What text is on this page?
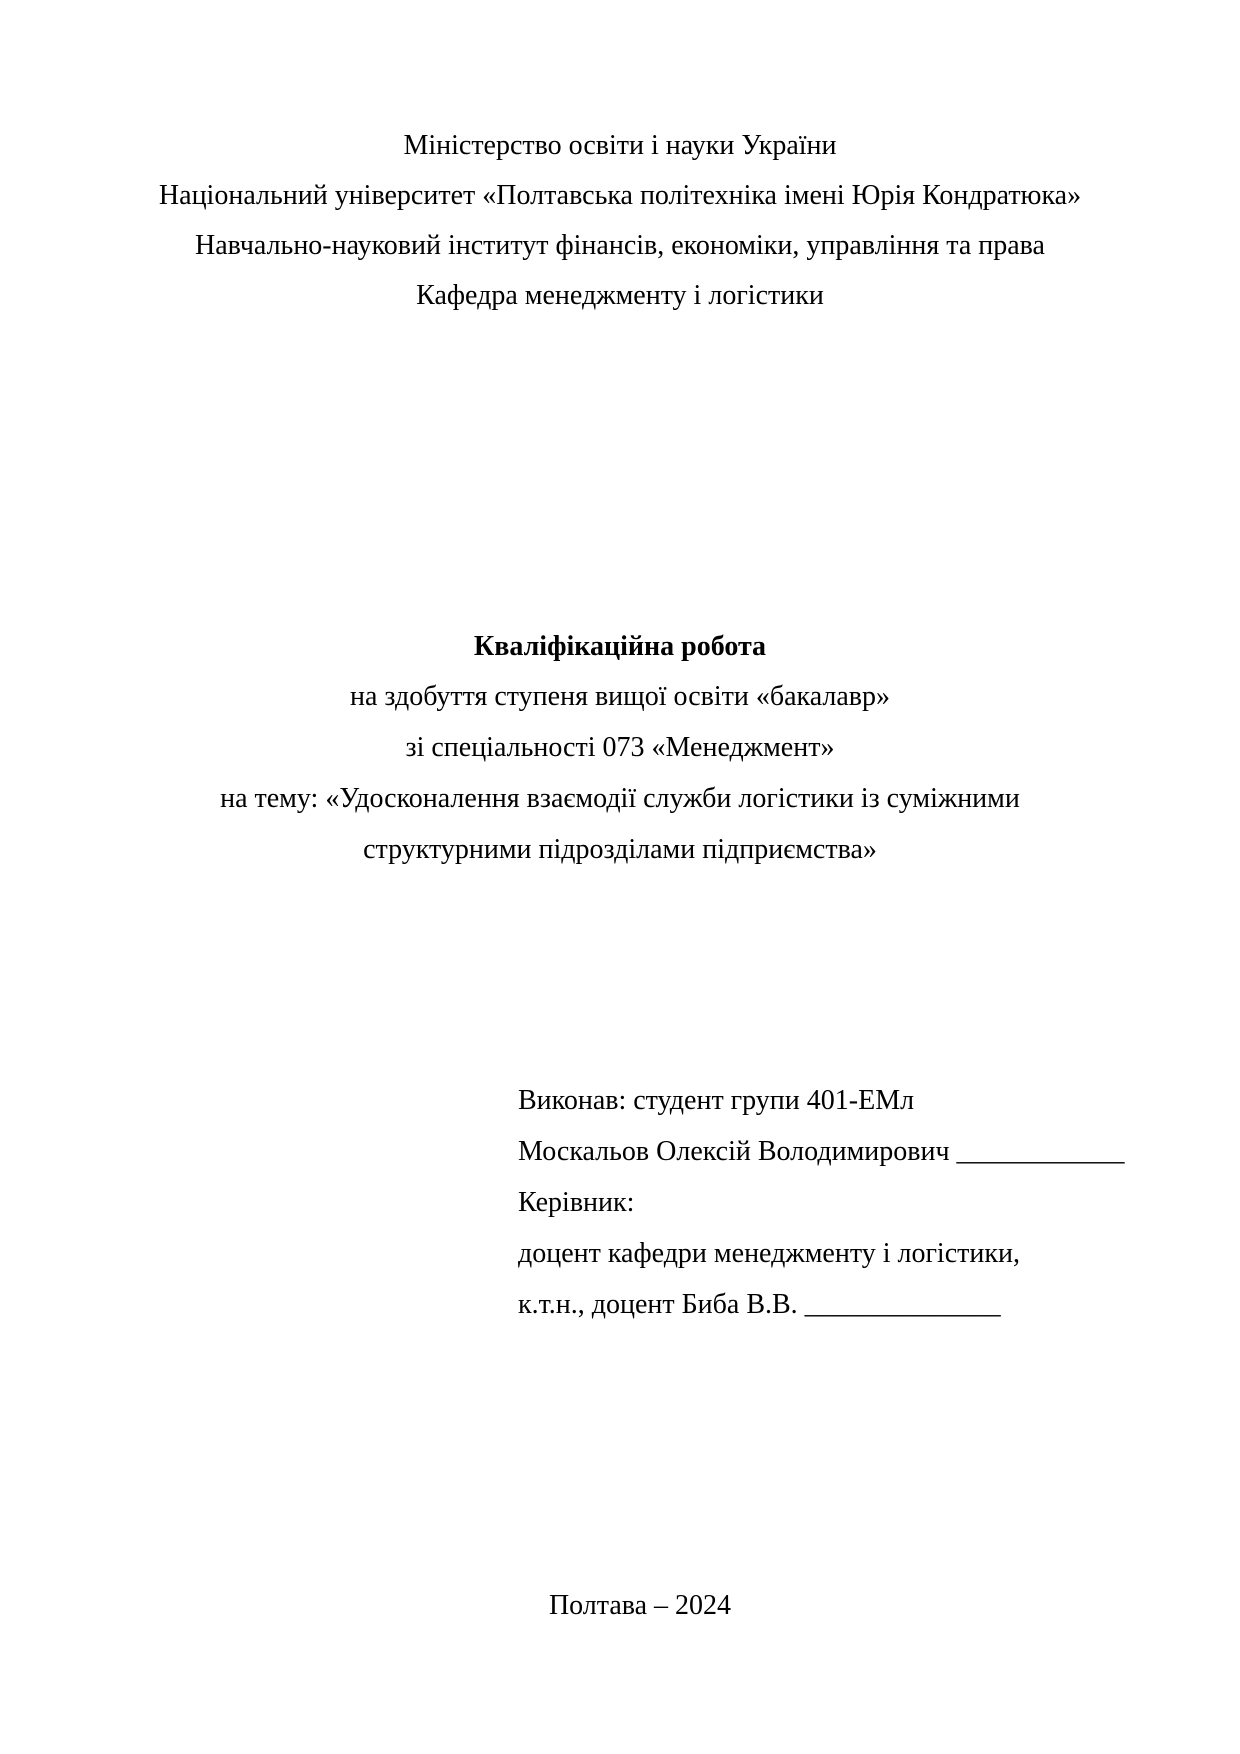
Міністерство освіти і науки України

Національний університет «Полтавська політехніка імені Юрія Кондратюка»

Навчально-науковий інститут фінансів, економіки, управління та права

Кафедра менеджменту і логістики

Кваліфікаційна робота

на здобуття ступеня вищої освіти «бакалавр»

зі спеціальності 073 «Менеджмент»

на тему: «Удосконалення взаємодії служби логістики із суміжними

структурними підрозділами підприємства»

Виконав: студент групи 401-ЕМл

Москальов Олексій Володимирович ____________

Керівник:

доцент кафедри менеджменту і логістики,

к.т.н., доцент Биба В.В. ______________

Полтава – 2024
